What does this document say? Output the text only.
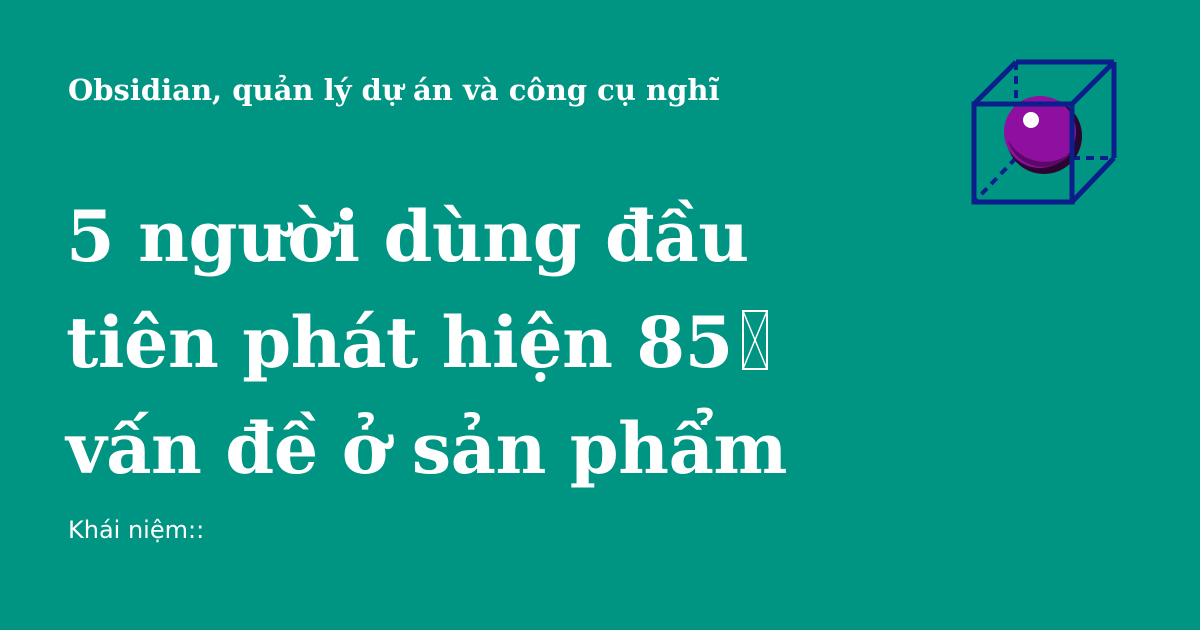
Obsidian, quản lý dự án và công cụ nghĩ
5 người dùng đầu
tiên phát hiện 85
vấn đề ở sản phẩm
Khái niệm::
